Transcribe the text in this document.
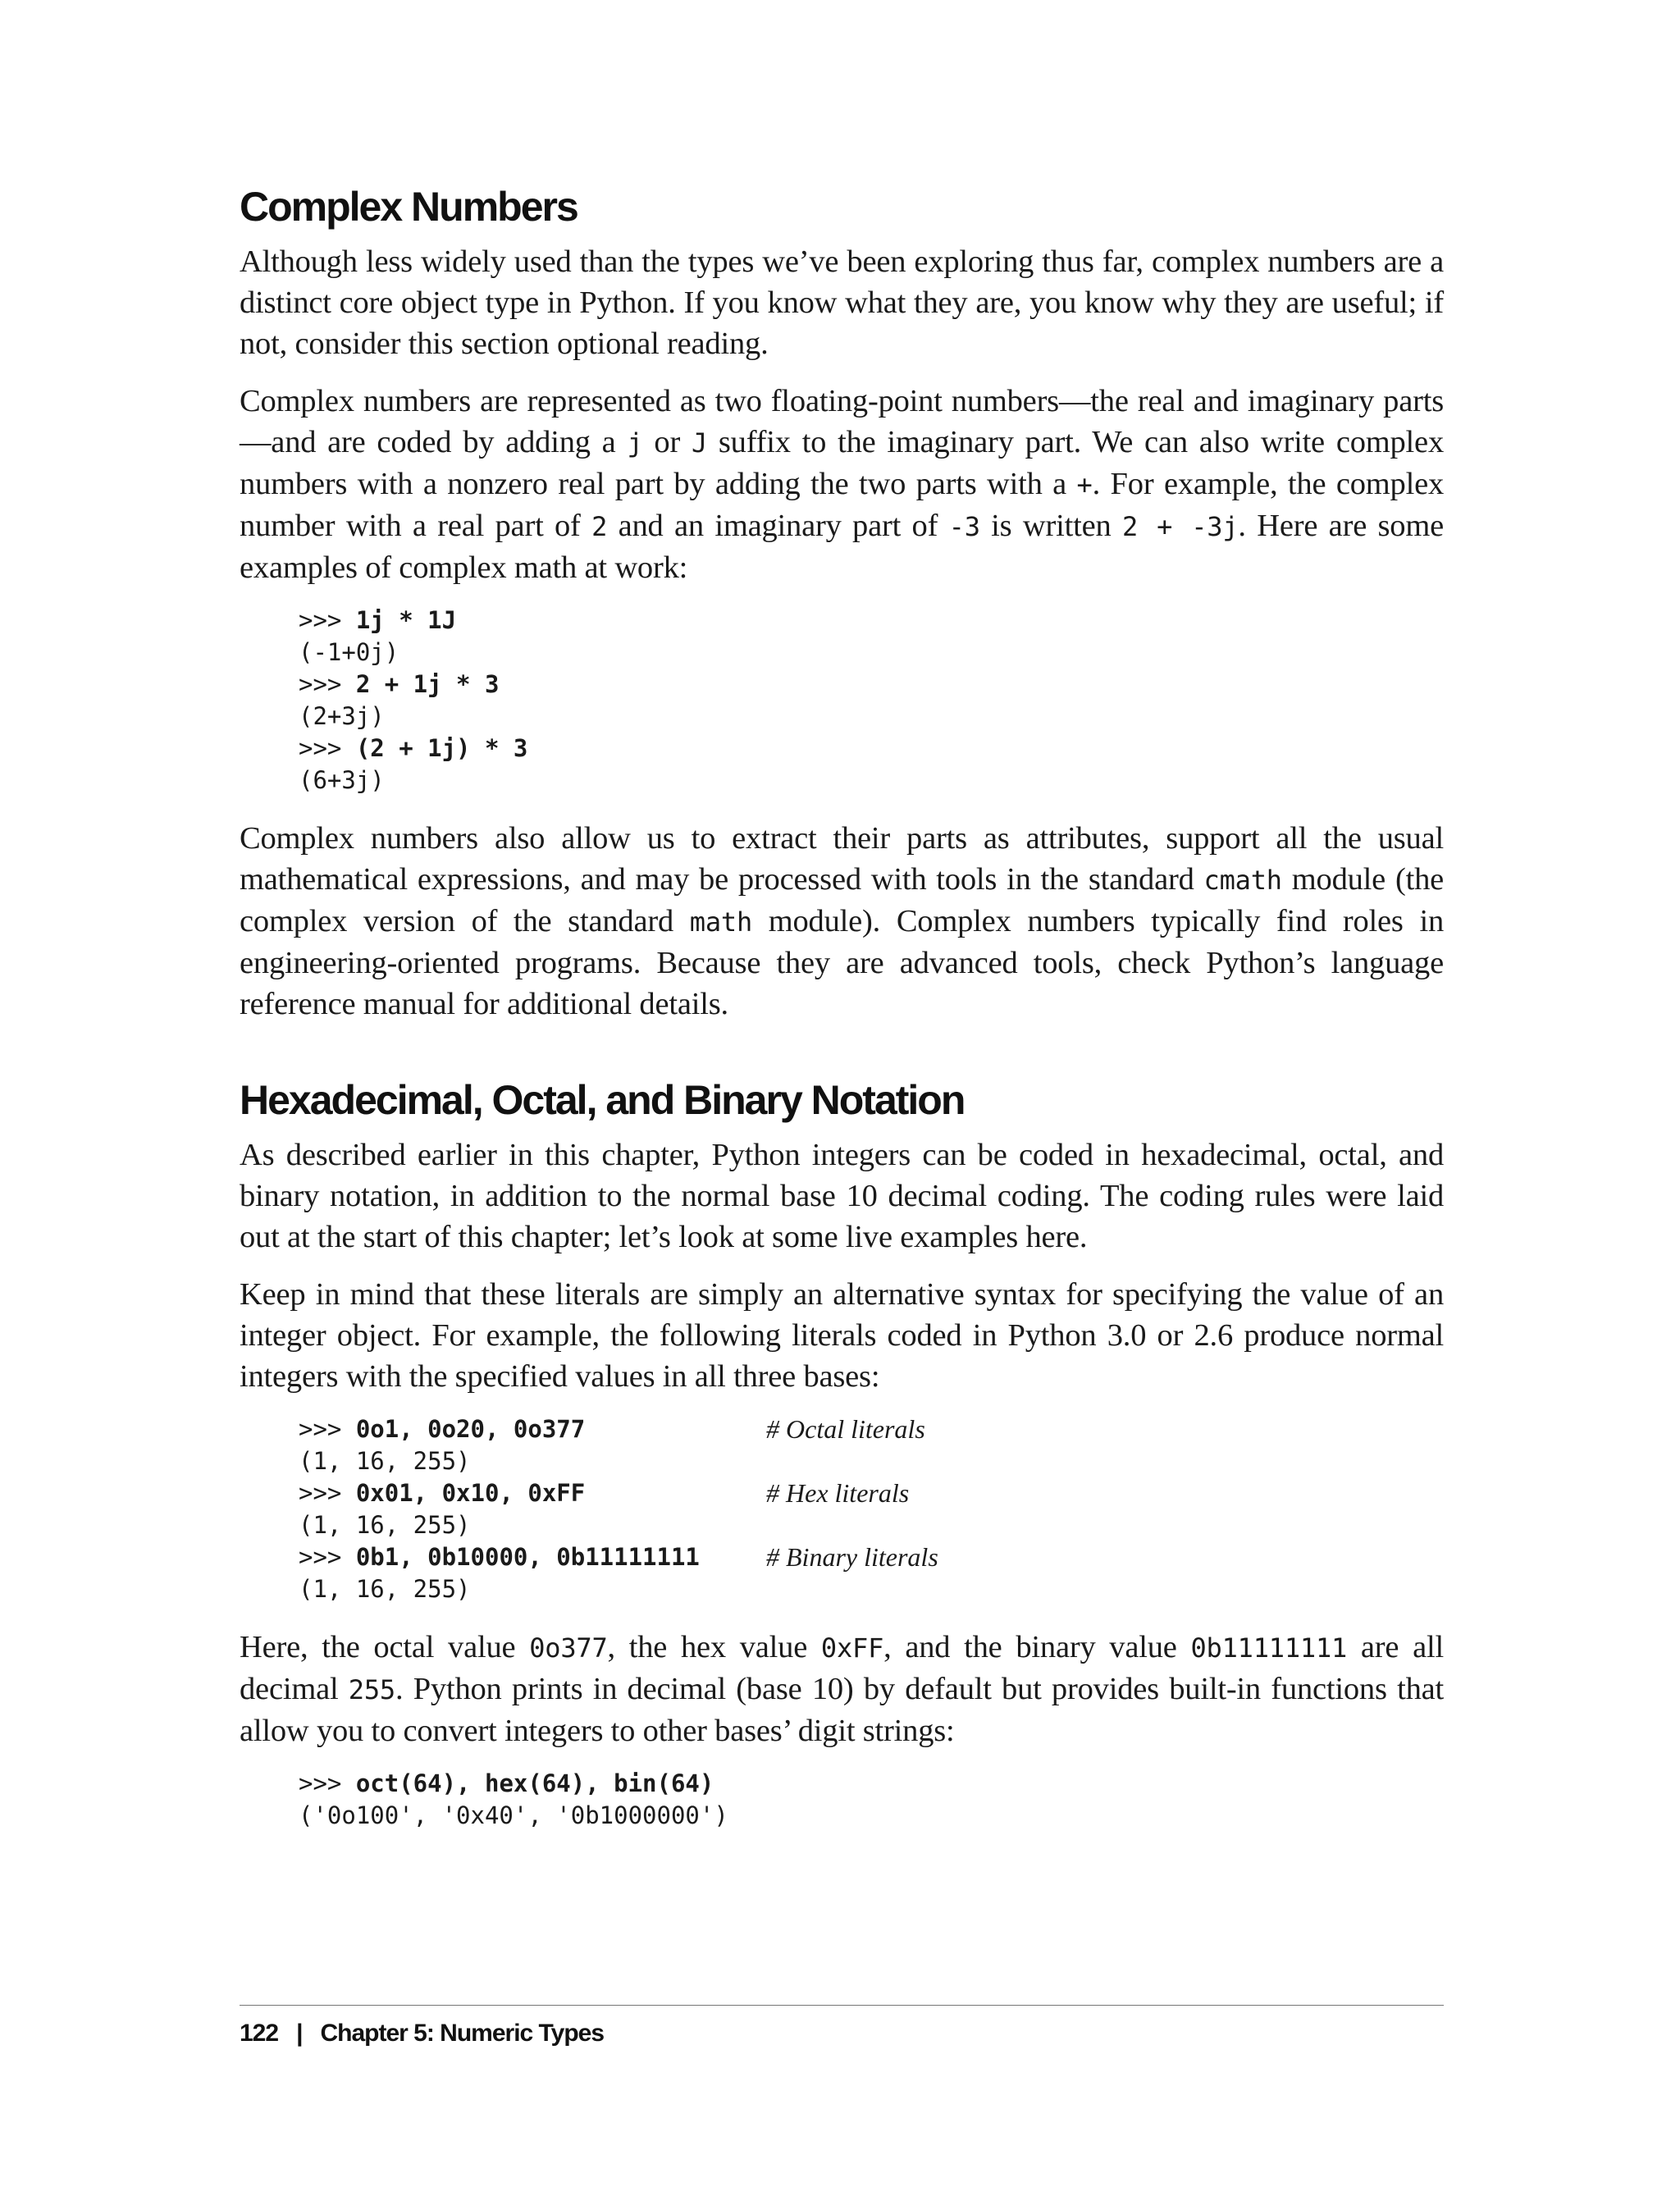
Complex Numbers

Although less widely used than the types we’ve been exploring thus far, complex numbers are a distinct core object type in Python. If you know what they are, you know why they are useful; if not, consider this section optional reading.

Complex numbers are represented as two floating-point numbers—the real and imaginary parts—and are coded by adding a j or J suffix to the imaginary part. We can also write complex numbers with a nonzero real part by adding the two parts with a +. For example, the complex number with a real part of 2 and an imaginary part of -3 is written 2 + -3j. Here are some examples of complex math at work:

>>> 1j * 1J
(-1+0j)
>>> 2 + 1j * 3
(2+3j)
>>> (2 + 1j) * 3
(6+3j)

Complex numbers also allow us to extract their parts as attributes, support all the usual mathematical expressions, and may be processed with tools in the standard cmath module (the complex version of the standard math module). Complex numbers typically find roles in engineering-oriented programs. Because they are advanced tools, check Python’s language reference manual for additional details.

Hexadecimal, Octal, and Binary Notation

As described earlier in this chapter, Python integers can be coded in hexadecimal, octal, and binary notation, in addition to the normal base 10 decimal coding. The coding rules were laid out at the start of this chapter; let’s look at some live examples here.

Keep in mind that these literals are simply an alternative syntax for specifying the value of an integer object. For example, the following literals coded in Python 3.0 or 2.6 produce normal integers with the specified values in all three bases:

>>> 0o1, 0o20, 0o377	# Octal literals
(1, 16, 255)
>>> 0x01, 0x10, 0xFF	# Hex literals
(1, 16, 255)
>>> 0b1, 0b10000, 0b11111111	# Binary literals
(1, 16, 255)

Here, the octal value 0o377, the hex value 0xFF, and the binary value 0b11111111 are all decimal 255. Python prints in decimal (base 10) by default but provides built-in functions that allow you to convert integers to other bases’ digit strings:

>>> oct(64), hex(64), bin(64)
('0o100', '0x40', '0b1000000')
122 | Chapter 5: Numeric Types
